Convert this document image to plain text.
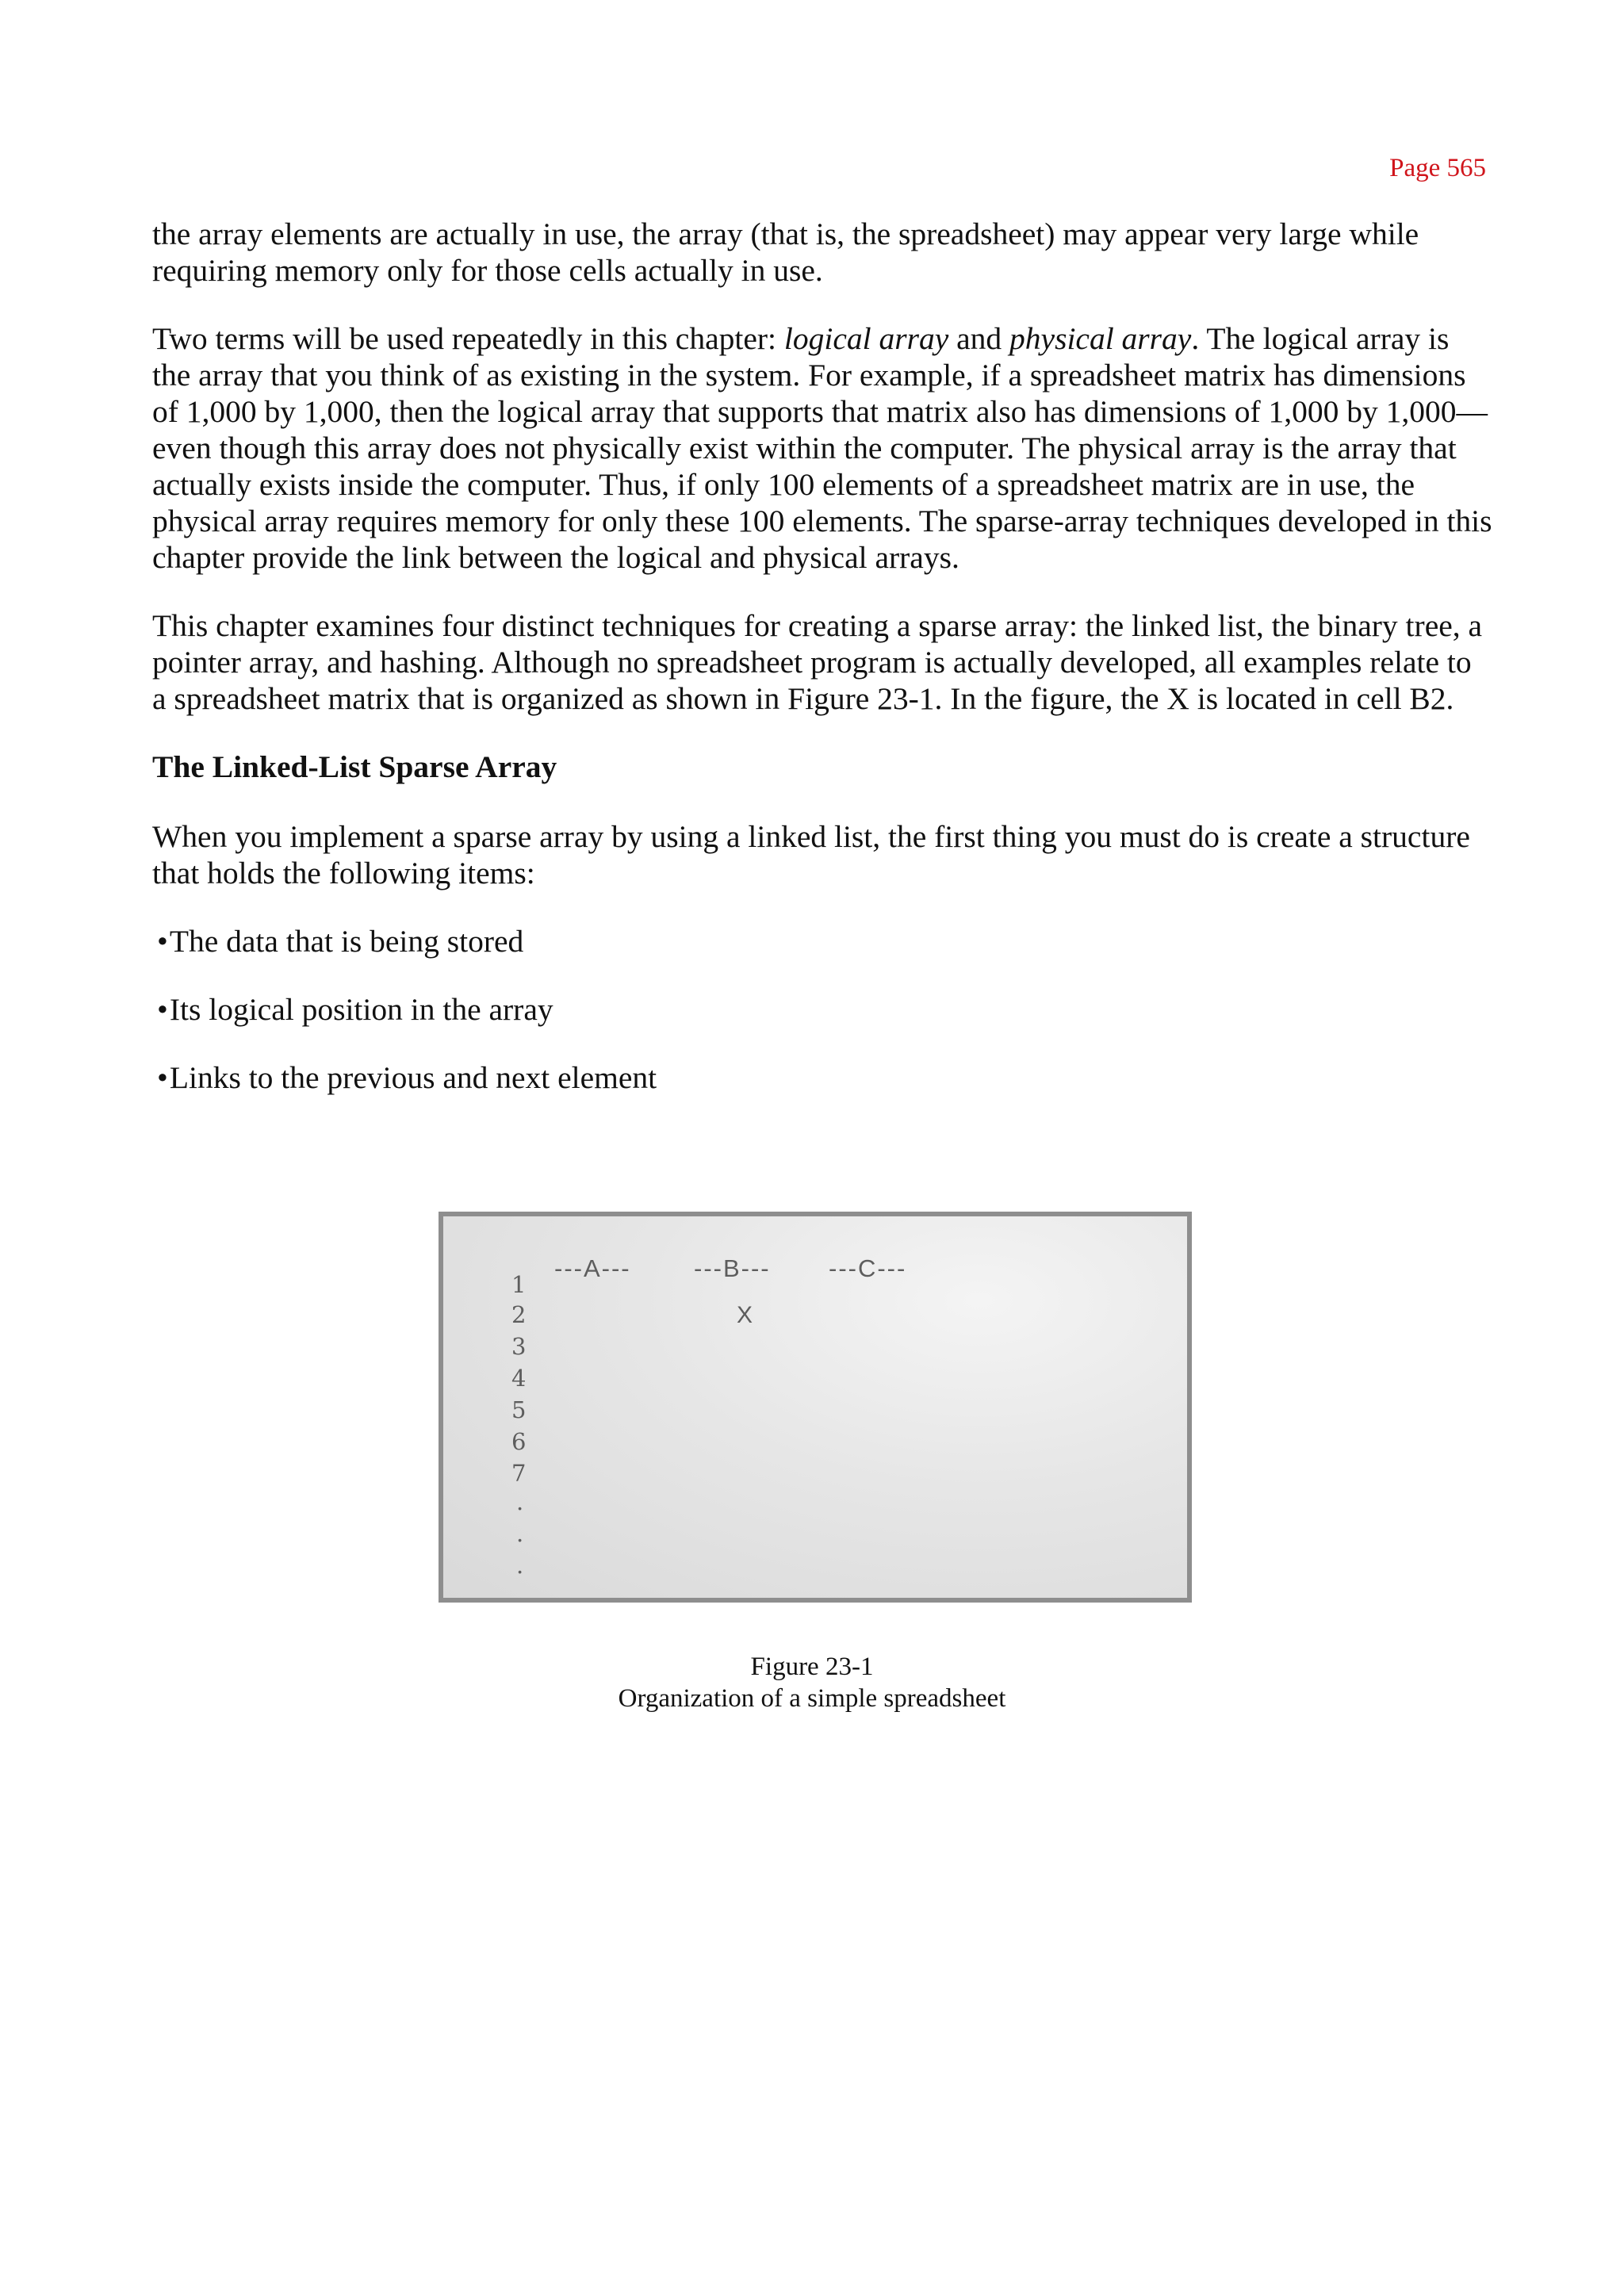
Page 565

the array elements are actually in use, the array (that is, the spreadsheet) may appear very large while requiring memory only for those cells actually in use.

Two terms will be used repeatedly in this chapter: logical array and physical array. The logical array is the array that you think of as existing in the system. For example, if a spreadsheet matrix has dimensions of 1,000 by 1,000, then the logical array that supports that matrix also has dimensions of 1,000 by 1,000— even though this array does not physically exist within the computer. The physical array is the array that actually exists inside the computer. Thus, if only 100 elements of a spreadsheet matrix are in use, the physical array requires memory for only these 100 elements. The sparse-array techniques developed in this chapter provide the link between the logical and physical arrays.

This chapter examines four distinct techniques for creating a sparse array: the linked list, the binary tree, a pointer array, and hashing. Although no spreadsheet program is actually developed, all examples relate to a spreadsheet matrix that is organized as shown in Figure 23-1. In the figure, the X is located in cell B2.

The Linked-List Sparse Array

When you implement a sparse array by using a linked list, the first thing you must do is create a structure that holds the following items:

• The data that is being stored
• Its logical position in the array
• Links to the previous and next element
---A---	---B--- ---C---
1
2
3
4
5
6
7
.
.
.
X
Figure 23-1
Organization of a simple spreadsheet
